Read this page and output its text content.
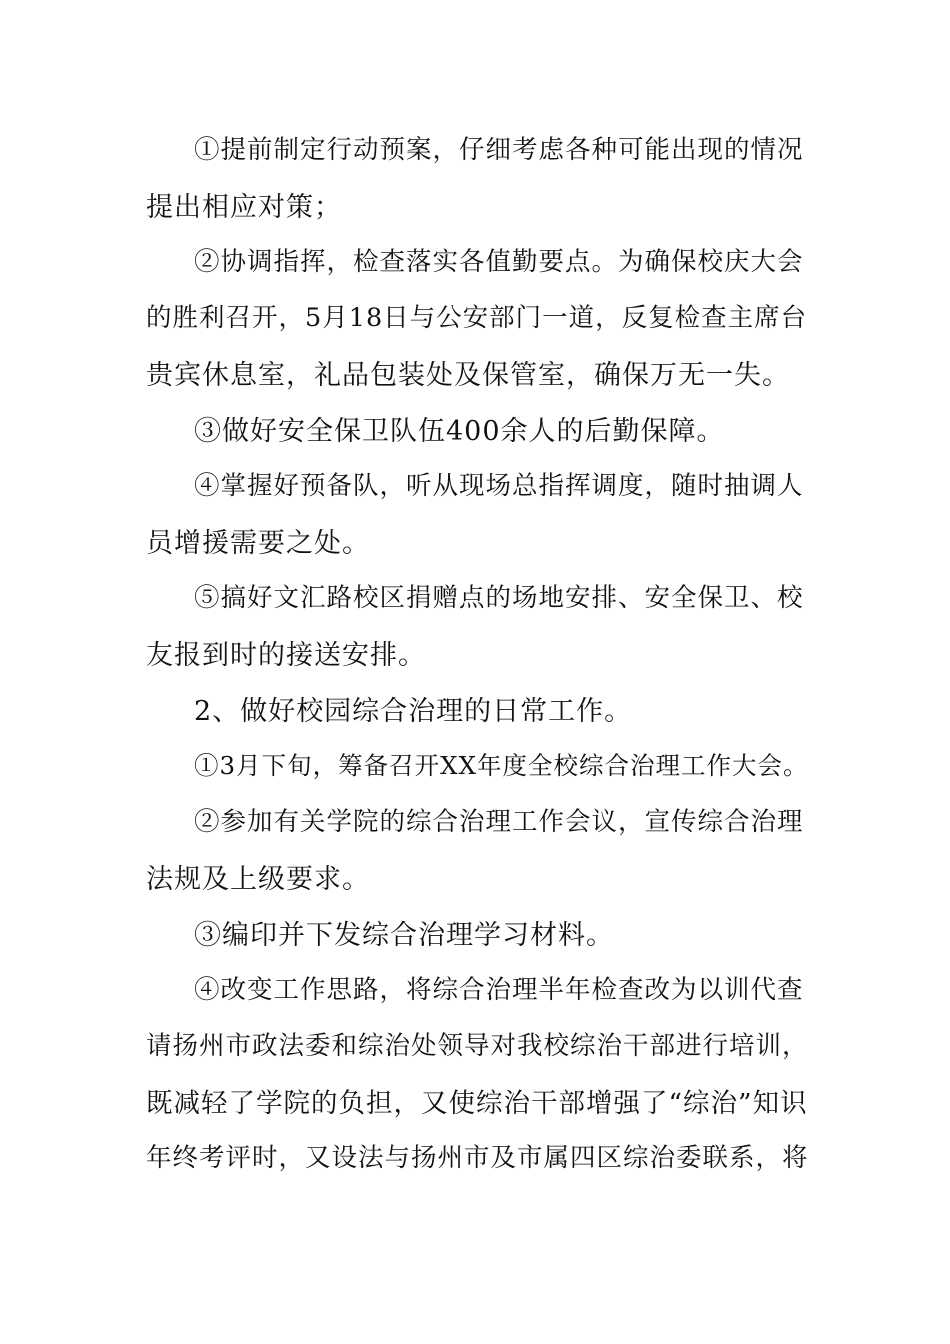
①提前制定行动预案，仔细考虑各种可能出现的情况
提出相应对策；
②协调指挥，检查落实各值勤要点。为确保校庆大会
的胜利召开，5月18日与公安部门一道，反复检查主席台
贵宾休息室，礼品包装处及保管室，确保万无一失。
③做好安全保卫队伍400余人的后勤保障。
④掌握好预备队，听从现场总指挥调度，随时抽调人
员增援需要之处。
⑤搞好文汇路校区捐赠点的场地安排、安全保卫、校
友报到时的接送安排。
2、做好校园综合治理的日常工作。
①3月下旬，筹备召开XX年度全校综合治理工作大会。
②参加有关学院的综合治理工作会议，宣传综合治理
法规及上级要求。
③编印并下发综合治理学习材料。
④改变工作思路，将综合治理半年检查改为以训代查
请扬州市政法委和综治处领导对我校综治干部进行培训，
既减轻了学院的负担，又使综治干部增强了“综治”知识
年终考评时，又设法与扬州市及市属四区综治委联系，将
